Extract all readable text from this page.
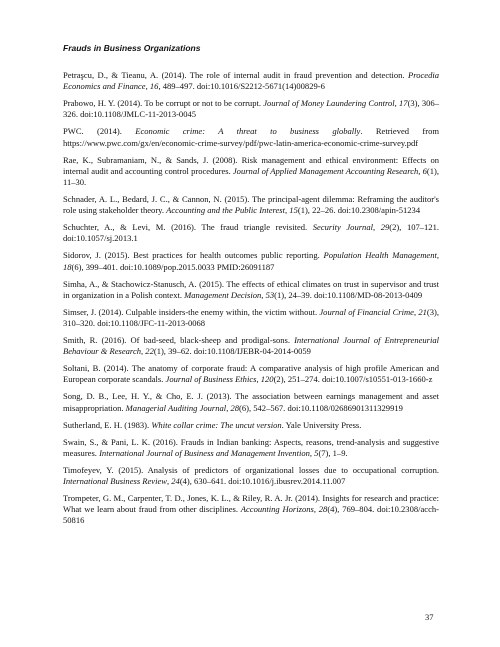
Frauds in Business Organizations

Petraşcu, D., & Tieanu, A. (2014). The role of internal audit in fraud prevention and detection. Procedia Economics and Finance, 16, 489–497. doi:10.1016/S2212-5671(14)00829-6

Prabowo, H. Y. (2014). To be corrupt or not to be corrupt. Journal of Money Laundering Control, 17(3), 306–326. doi:10.1108/JMLC-11-2013-0045

PWC. (2014). Economic crime: A threat to business globally. Retrieved from https://www.pwc.com/gx/en/economic-crime-survey/pdf/pwc-latin-america-economic-crime-survey.pdf

Rae, K., Subramaniam, N., & Sands, J. (2008). Risk management and ethical environment: Effects on internal audit and accounting control procedures. Journal of Applied Management Accounting Research, 6(1), 11–30.

Schnader, A. L., Bedard, J. C., & Cannon, N. (2015). The principal-agent dilemma: Reframing the auditor's role using stakeholder theory. Accounting and the Public Interest, 15(1), 22–26. doi:10.2308/apin-51234

Schuchter, A., & Levi, M. (2016). The fraud triangle revisited. Security Journal, 29(2), 107–121. doi:10.1057/sj.2013.1

Sidorov, J. (2015). Best practices for health outcomes public reporting. Population Health Management, 18(6), 399–401. doi:10.1089/pop.2015.0033 PMID:26091187

Simha, A., & Stachowicz-Stanusch, A. (2015). The effects of ethical climates on trust in supervisor and trust in organization in a Polish context. Management Decision, 53(1), 24–39. doi:10.1108/MD-08-2013-0409

Simser, J. (2014). Culpable insiders-the enemy within, the victim without. Journal of Financial Crime, 21(3), 310–320. doi:10.1108/JFC-11-2013-0068

Smith, R. (2016). Of bad-seed, black-sheep and prodigal-sons. International Journal of Entrepreneurial Behaviour & Research, 22(1), 39–62. doi:10.1108/IJEBR-04-2014-0059

Soltani, B. (2014). The anatomy of corporate fraud: A comparative analysis of high profile American and European corporate scandals. Journal of Business Ethics, 120(2), 251–274. doi:10.1007/s10551-013-1660-z

Song, D. B., Lee, H. Y., & Cho, E. J. (2013). The association between earnings management and asset misappropriation. Managerial Auditing Journal, 28(6), 542–567. doi:10.1108/02686901311329919

Sutherland, E. H. (1983). White collar crime: The uncut version. Yale University Press.

Swain, S., & Pani, L. K. (2016). Frauds in Indian banking: Aspects, reasons, trend-analysis and suggestive measures. International Journal of Business and Management Invention, 5(7), 1–9.

Timofeyev, Y. (2015). Analysis of predictors of organizational losses due to occupational corruption. International Business Review, 24(4), 630–641. doi:10.1016/j.ibusrev.2014.11.007

Trompeter, G. M., Carpenter, T. D., Jones, K. L., & Riley, R. A. Jr. (2014). Insights for research and practice: What we learn about fraud from other disciplines. Accounting Horizons, 28(4), 769–804. doi:10.2308/acch-50816

37
